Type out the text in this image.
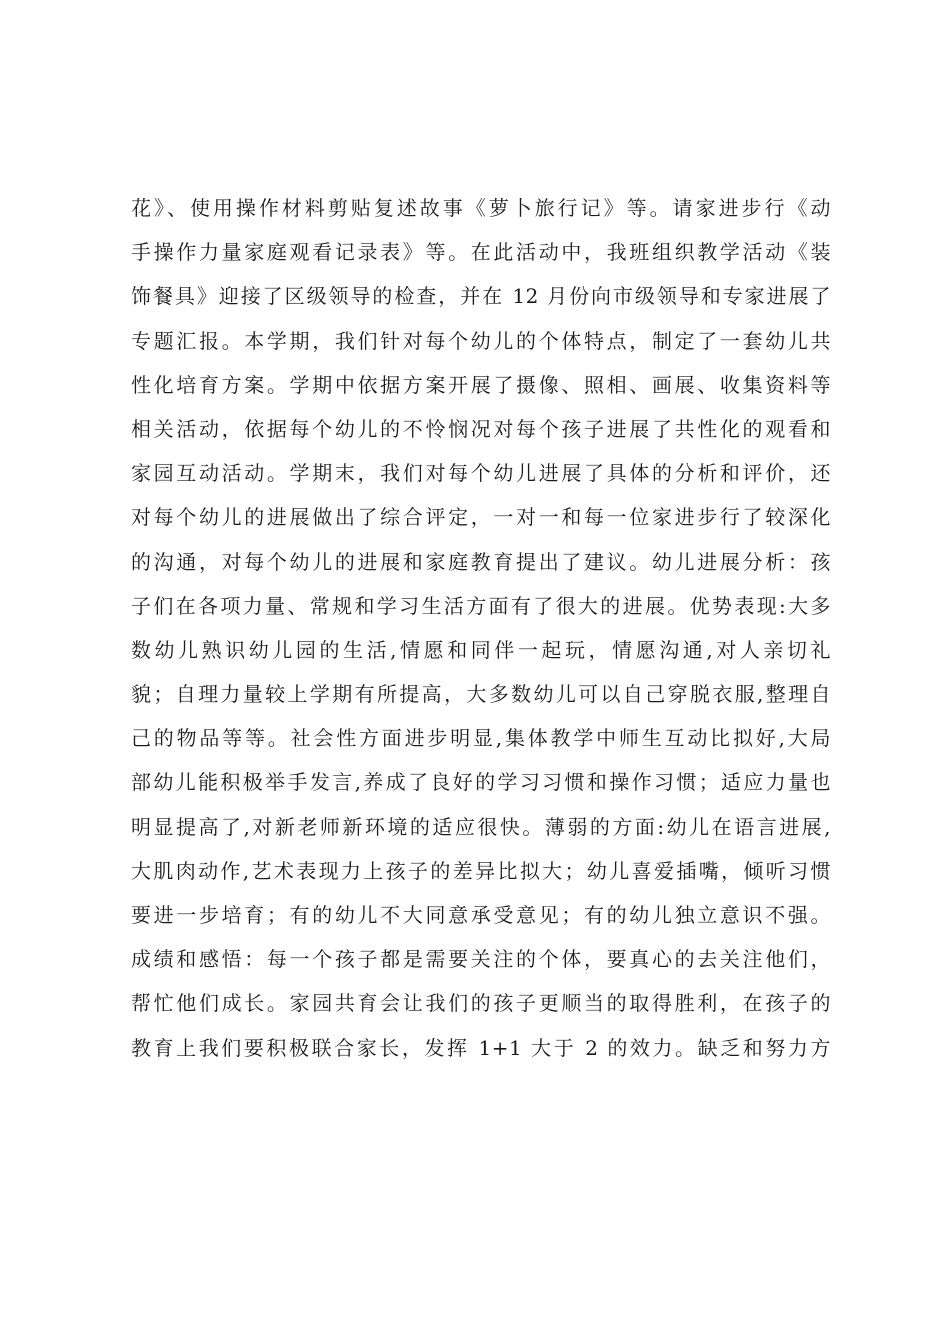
花》、使用操作材料剪贴复述故事《萝卜旅行记》等。请家进步行《动
手操作力量家庭观看记录表》等。在此活动中，我班组织教学活动《装
饰餐具》迎接了区级领导的检查，并在 12 月份向市级领导和专家进展了
专题汇报。本学期，我们针对每个幼儿的个体特点，制定了一套幼儿共
性化培育方案。学期中依据方案开展了摄像、照相、画展、收集资料等
相关活动，依据每个幼儿的不怜悯况对每个孩子进展了共性化的观看和
家园互动活动。学期末，我们对每个幼儿进展了具体的分析和评价，还
对每个幼儿的进展做出了综合评定，一对一和每一位家进步行了较深化
的沟通，对每个幼儿的进展和家庭教育提出了建议。幼儿进展分析：孩
子们在各项力量、常规和学习生活方面有了很大的进展。优势表现:大多
数幼儿熟识幼儿园的生活,情愿和同伴一起玩，情愿沟通,对人亲切礼
貌；自理力量较上学期有所提高，大多数幼儿可以自己穿脱衣服,整理自
己的物品等等。社会性方面进步明显,集体教学中师生互动比拟好,大局
部幼儿能积极举手发言,养成了良好的学习习惯和操作习惯；适应力量也
明显提高了,对新老师新环境的适应很快。薄弱的方面:幼儿在语言进展,
大肌肉动作,艺术表现力上孩子的差异比拟大；幼儿喜爱插嘴，倾听习惯
要进一步培育；有的幼儿不大同意承受意见；有的幼儿独立意识不强。
成绩和感悟：每一个孩子都是需要关注的个体，要真心的去关注他们，
帮忙他们成长。家园共育会让我们的孩子更顺当的取得胜利，在孩子的
教育上我们要积极联合家长，发挥 1+1 大于 2 的效力。缺乏和努力方
